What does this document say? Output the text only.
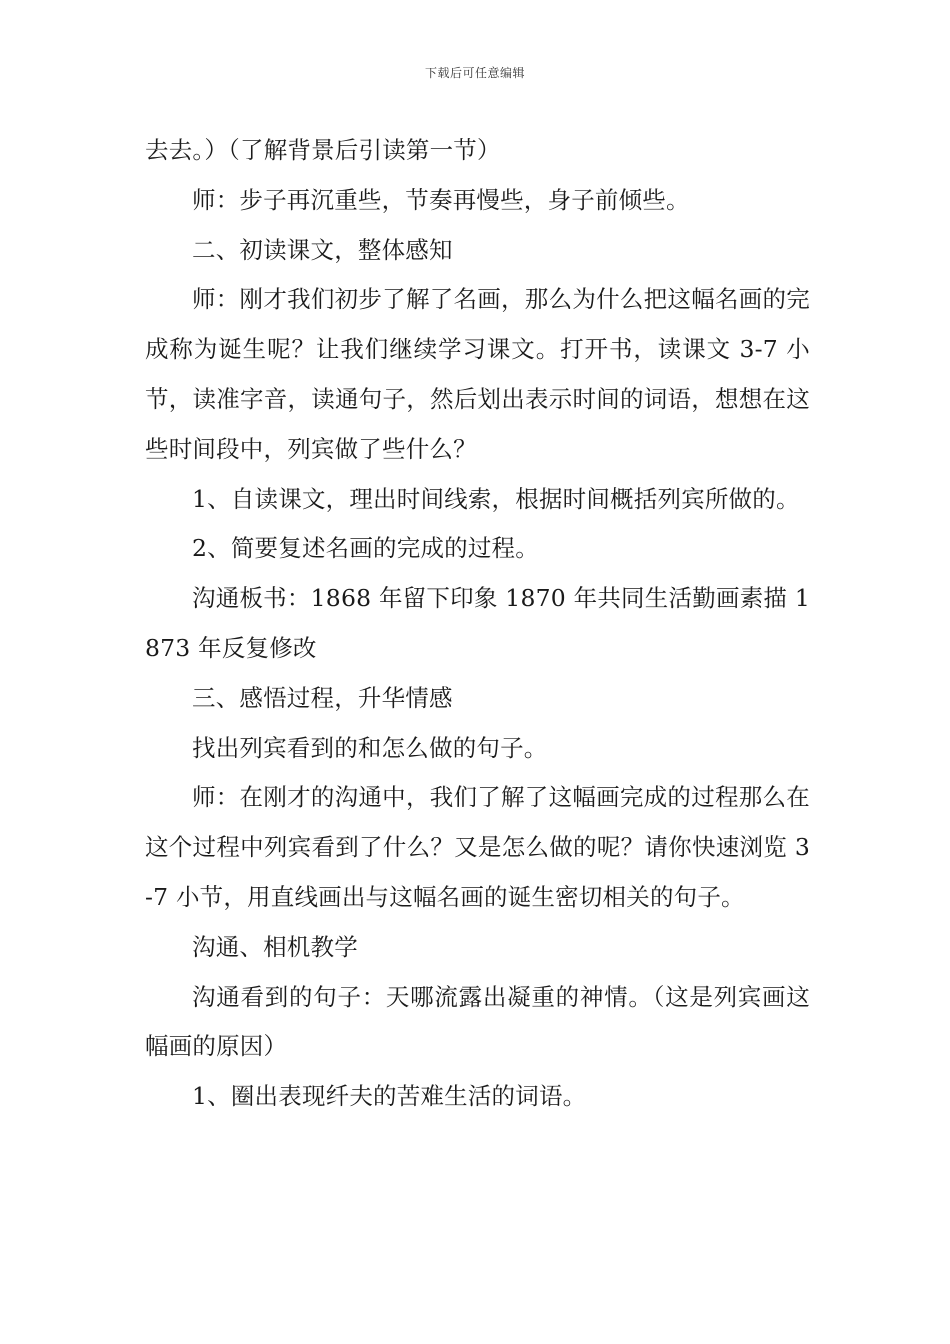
下载后可任意编辑

去去。）（了解背景后引读第一节）

师：步子再沉重些，节奏再慢些，身子前倾些。

二、初读课文，整体感知

师：刚才我们初步了解了名画，那么为什么把这幅名画的完成称为诞生呢？让我们继续学习课文。打开书，读课文 3-7 小节，读准字音，读通句子，然后划出表示时间的词语，想想在这些时间段中，列宾做了些什么？

1、自读课文，理出时间线索，根据时间概括列宾所做的。

2、简要复述名画的完成的过程。

沟通板书：1868 年留下印象 1870 年共同生活勤画素描 1873 年反复修改

三、感悟过程，升华情感

找出列宾看到的和怎么做的句子。

师：在刚才的沟通中，我们了解了这幅画完成的过程那么在这个过程中列宾看到了什么？又是怎么做的呢？请你快速浏览 3-7 小节，用直线画出与这幅名画的诞生密切相关的句子。

沟通、相机教学

沟通看到的句子：天哪流露出凝重的神情。（这是列宾画这幅画的原因）

1、圈出表现纤夫的苦难生活的词语。
